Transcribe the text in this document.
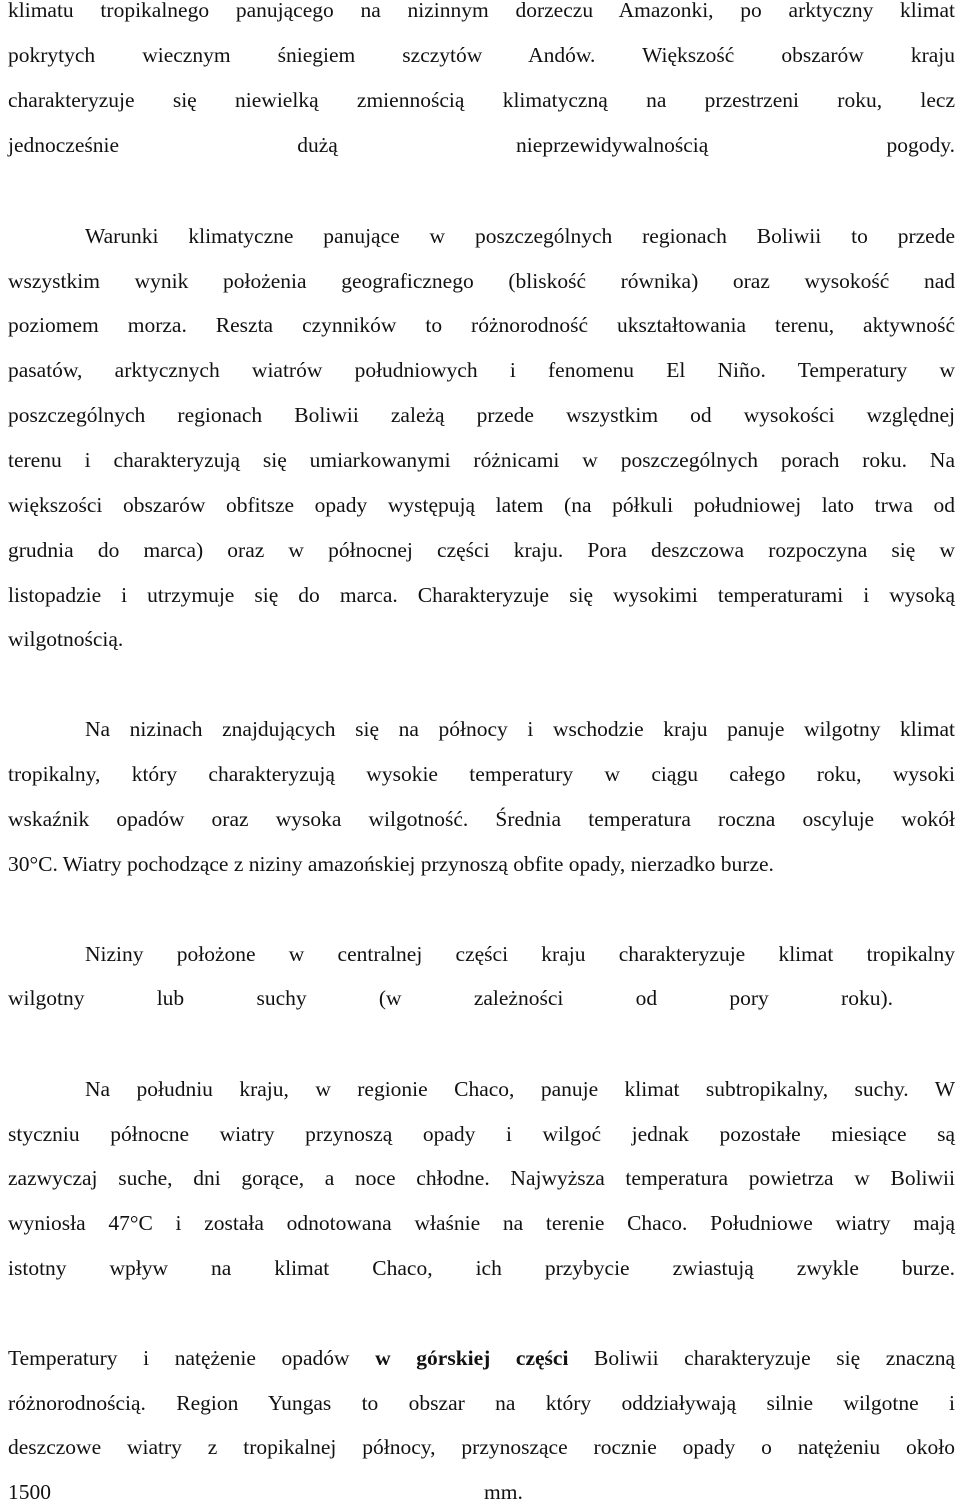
klimatu tropikalnego panującego na nizinnym dorzeczu Amazonki, po arktyczny klimat

pokrytych wiecznym śniegiem szczytów Andów. Większość obszarów kraju

charakteryzuje się niewielką zmiennością klimatyczną na przestrzeni roku, lecz

jednocześnie dużą nieprzewidywalnością pogody.

Warunki klimatyczne panujące w poszczególnych regionach Boliwii to przede

wszystkim wynik położenia geograficznego (bliskość równika) oraz wysokość nad

poziomem morza. Reszta czynników to różnorodność ukształtowania terenu, aktywność

pasatów, arktycznych wiatrów południowych i fenomenu El Niño. Temperatury w

poszczególnych regionach Boliwii zależą przede wszystkim od wysokości względnej

terenu i charakteryzują się umiarkowanymi różnicami w poszczególnych porach roku. Na

większości obszarów obfitsze opady występują latem (na półkuli południowej lato trwa od

grudnia do marca) oraz w północnej części kraju. Pora deszczowa rozpoczyna się w

listopadzie i utrzymuje się do marca. Charakteryzuje się wysokimi temperaturami i wysoką

wilgotnością.

Na nizinach znajdujących się na północy i wschodzie kraju panuje wilgotny klimat

tropikalny, który charakteryzują wysokie temperatury w ciągu całego roku, wysoki

wskaźnik opadów oraz wysoka wilgotność. Średnia temperatura roczna oscyluje wokół

30°C. Wiatry pochodzące z niziny amazońskiej przynoszą obfite opady, nierzadko burze.

Niziny położone w centralnej części kraju charakteryzuje klimat tropikalny

wilgotny lub suchy (w zależności od pory roku).

Na południu kraju, w regionie Chaco, panuje klimat subtropikalny, suchy. W

styczniu północne wiatry przynoszą opady i wilgoć jednak pozostałe miesiące są

zazwyczaj suche, dni gorące, a noce chłodne. Najwyższa temperatura powietrza w Boliwii

wyniosła 47°C i została odnotowana właśnie na terenie Chaco. Południowe wiatry mają

istotny wpływ na klimat Chaco, ich przybycie zwiastują zwykle burze.

Temperatury i natężenie opadów w górskiej części Boliwii charakteryzuje się znaczną

różnorodnością. Region Yungas to obszar na który oddziaływają silnie wilgotne i

deszczowe wiatry z tropikalnej północy, przynoszące rocznie opady o natężeniu około

1500	mm.
